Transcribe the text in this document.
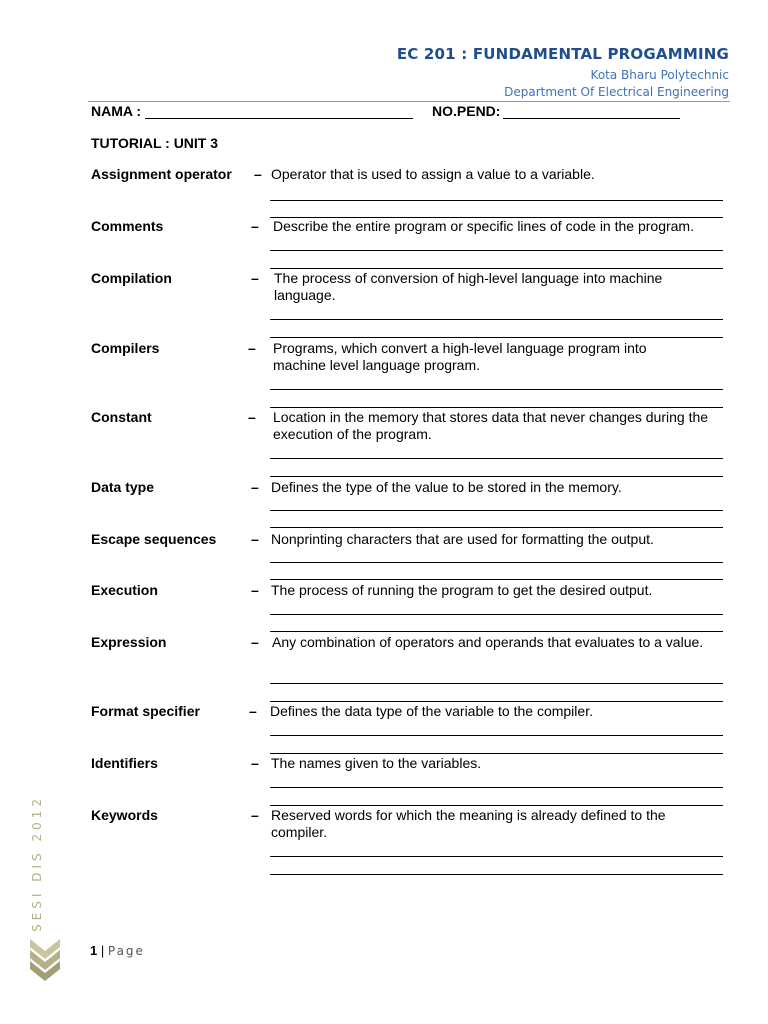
EC 201 : FUNDAMENTAL PROGAMMING
Kota Bharu Polytechnic
Department Of Electrical Engineering
NAMA :	NO.PEND:
TUTORIAL : UNIT 3
Assignment operator – Operator that is used to assign a value to a variable.
Comments	– Describe the entire program or specific lines of code in the program.
Compilation	– The process of conversion of high-level language into machine language.
Compilers	– Programs, which convert a high-level language program into machine level language program.
Constant	– Location in the memory that stores data that never changes during the execution of the program.
Data type	– Defines the type of the value to be stored in the memory.
Escape sequences – Nonprinting characters that are used for formatting the output.
Execution	– The process of running the program to get the desired output.
Expression	– Any combination of operators and operands that evaluates to a value.
Format specifier	– Defines the data type of the variable to the compiler.
Identifiers	– The names given to the variables.
Keywords	– Reserved words for which the meaning is already defined to the compiler.
SESI DIS 2012
1 | Page
